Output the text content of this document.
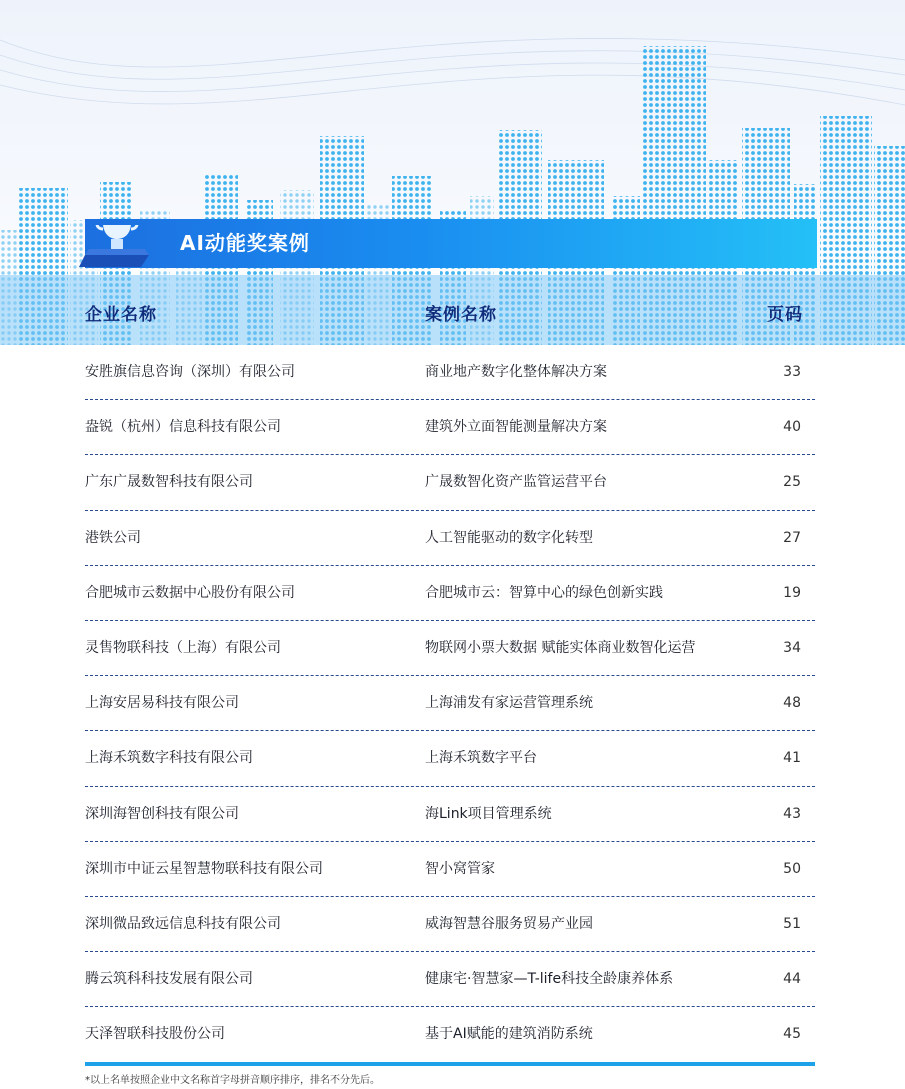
AI动能奖案例
企业名称	案例名称	页码
安胜旗信息咨询（深圳）有限公司	商业地产数字化整体解决方案	33
盎锐（杭州）信息科技有限公司	建筑外立面智能测量解决方案	40
广东广晟数智科技有限公司	广晟数智化资产监管运营平台	25
港铁公司	人工智能驱动的数字化转型	27
合肥城市云数据中心股份有限公司	合肥城市云：智算中心的绿色创新实践	19
灵售物联科技（上海）有限公司	物联网小票大数据 赋能实体商业数智化运营	34
上海安居易科技有限公司	上海浦发有家运营管理系统	48
上海禾筑数字科技有限公司	上海禾筑数字平台	41
深圳海智创科技有限公司	海Link项目管理系统	43
深圳市中证云星智慧物联科技有限公司	智小窝管家	50
深圳微品致远信息科技有限公司	威海智慧谷服务贸易产业园	51
腾云筑科科技发展有限公司	健康宅·智慧家—T-life科技全龄康养体系	44
天泽智联科技股份公司	基于AI赋能的建筑消防系统	45
*以上名单按照企业中文名称首字母拼音顺序排序，排名不分先后。
